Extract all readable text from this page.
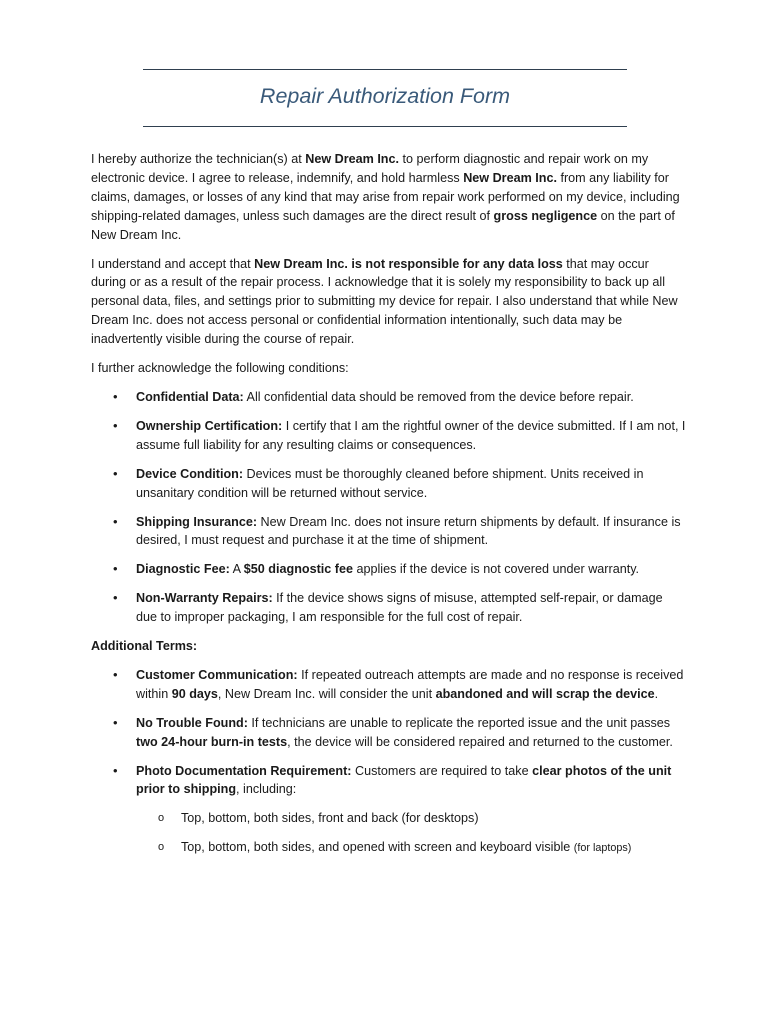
Repair Authorization Form

I hereby authorize the technician(s) at New Dream Inc. to perform diagnostic and repair work on my electronic device. I agree to release, indemnify, and hold harmless New Dream Inc. from any liability for claims, damages, or losses of any kind that may arise from repair work performed on my device, including shipping-related damages, unless such damages are the direct result of gross negligence on the part of New Dream Inc.

I understand and accept that New Dream Inc. is not responsible for any data loss that may occur during or as a result of the repair process. I acknowledge that it is solely my responsibility to back up all personal data, files, and settings prior to submitting my device for repair. I also understand that while New Dream Inc. does not access personal or confidential information intentionally, such data may be inadvertently visible during the course of repair.

I further acknowledge the following conditions:

• Confidential Data: All confidential data should be removed from the device before repair.
• Ownership Certification: I certify that I am the rightful owner of the device submitted. If I am not, I assume full liability for any resulting claims or consequences.
• Device Condition: Devices must be thoroughly cleaned before shipment. Units received in unsanitary condition will be returned without service.
• Shipping Insurance: New Dream Inc. does not insure return shipments by default. If insurance is desired, I must request and purchase it at the time of shipment.
• Diagnostic Fee: A $50 diagnostic fee applies if the device is not covered under warranty.
• Non-Warranty Repairs: If the device shows signs of misuse, attempted self-repair, or damage due to improper packaging, I am responsible for the full cost of repair.
Additional Terms:
• Customer Communication: If repeated outreach attempts are made and no response is received within 90 days, New Dream Inc. will consider the unit abandoned and will scrap the device.
• No Trouble Found: If technicians are unable to replicate the reported issue and the unit passes two 24-hour burn-in tests, the device will be considered repaired and returned to the customer.
• Photo Documentation Requirement: Customers are required to take clear photos of the unit prior to shipping, including:
o Top, bottom, both sides, front and back (for desktops)
o Top, bottom, both sides, and opened with screen and keyboard visible (for laptops)
